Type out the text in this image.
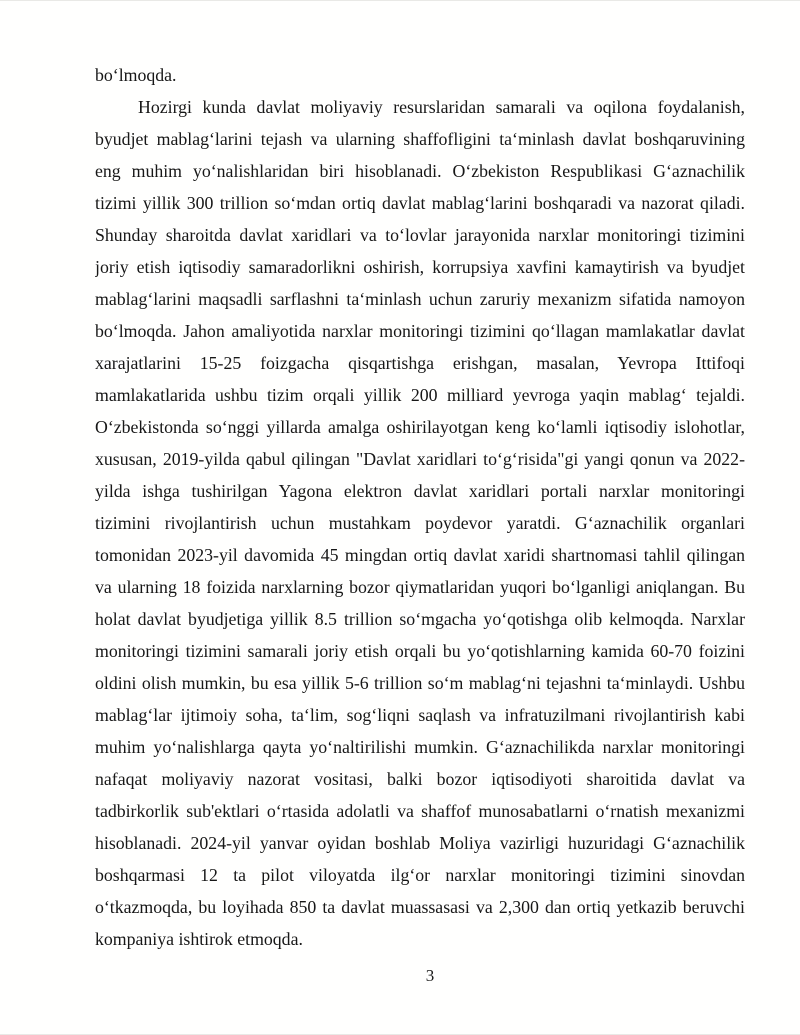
bo‘lmoqda.
Hozirgi kunda davlat moliyaviy resurslaridan samarali va oqilona foydalanish,
byudjet mablag‘larini tejash va ularning shaffofligini ta‘minlash davlat boshqaruvining
eng muhim yo‘nalishlaridan biri hisoblanadi. O‘zbekiston Respublikasi G‘aznachilik
tizimi yillik 300 trillion so‘mdan ortiq davlat mablag‘larini boshqaradi va nazorat qiladi.
Shunday sharoitda davlat xaridlari va to‘lovlar jarayonida narxlar monitoringi tizimini
joriy etish iqtisodiy samaradorlikni oshirish, korrupsiya xavfini kamaytirish va byudjet
mablag‘larini maqsadli sarflashni ta‘minlash uchun zaruriy mexanizm sifatida namoyon
bo‘lmoqda. Jahon amaliyotida narxlar monitoringi tizimini qo‘llagan mamlakatlar davlat
xarajatlarini 15-25 foizgacha qisqartishga erishgan, masalan, Yevropa Ittifoqi
mamlakatlarida ushbu tizim orqali yillik 200 milliard yevroga yaqin mablag‘ tejaldi.
O‘zbekistonda so‘nggi yillarda amalga oshirilayotgan keng ko‘lamli iqtisodiy islohotlar,
xususan, 2019-yilda qabul qilingan "Davlat xaridlari to‘g‘risida"gi yangi qonun va 2022-
yilda ishga tushirilgan Yagona elektron davlat xaridlari portali narxlar monitoringi
tizimini rivojlantirish uchun mustahkam poydevor yaratdi. G‘aznachilik organlari
tomonidan 2023-yil davomida 45 mingdan ortiq davlat xaridi shartnomasi tahlil qilingan
va ularning 18 foizida narxlarning bozor qiymatlaridan yuqori bo‘lganligi aniqlangan. Bu
holat davlat byudjetiga yillik 8.5 trillion so‘mgacha yo‘qotishga olib kelmoqda. Narxlar
monitoringi tizimini samarali joriy etish orqali bu yo‘qotishlarning kamida 60-70 foizini
oldini olish mumkin, bu esa yillik 5-6 trillion so‘m mablag‘ni tejashni ta‘minlaydi. Ushbu
mablag‘lar ijtimoiy soha, ta‘lim, sog‘liqni saqlash va infratuzilmani rivojlantirish kabi
muhim yo‘nalishlarga qayta yo‘naltirilishi mumkin. G‘aznachilikda narxlar monitoringi
nafaqat moliyaviy nazorat vositasi, balki bozor iqtisodiyoti sharoitida davlat va
tadbirkorlik sub'ektlari o‘rtasida adolatli va shaffof munosabatlarni o‘rnatish mexanizmi
hisoblanadi. 2024-yil yanvar oyidan boshlab Moliya vazirligi huzuridagi G‘aznachilik
boshqarmasi 12 ta pilot viloyatda ilg‘or narxlar monitoringi tizimini sinovdan
o‘tkazmoqda, bu loyihada 850 ta davlat muassasasi va 2,300 dan ortiq yetkazib beruvchi
kompaniya ishtirok etmoqda.
3
